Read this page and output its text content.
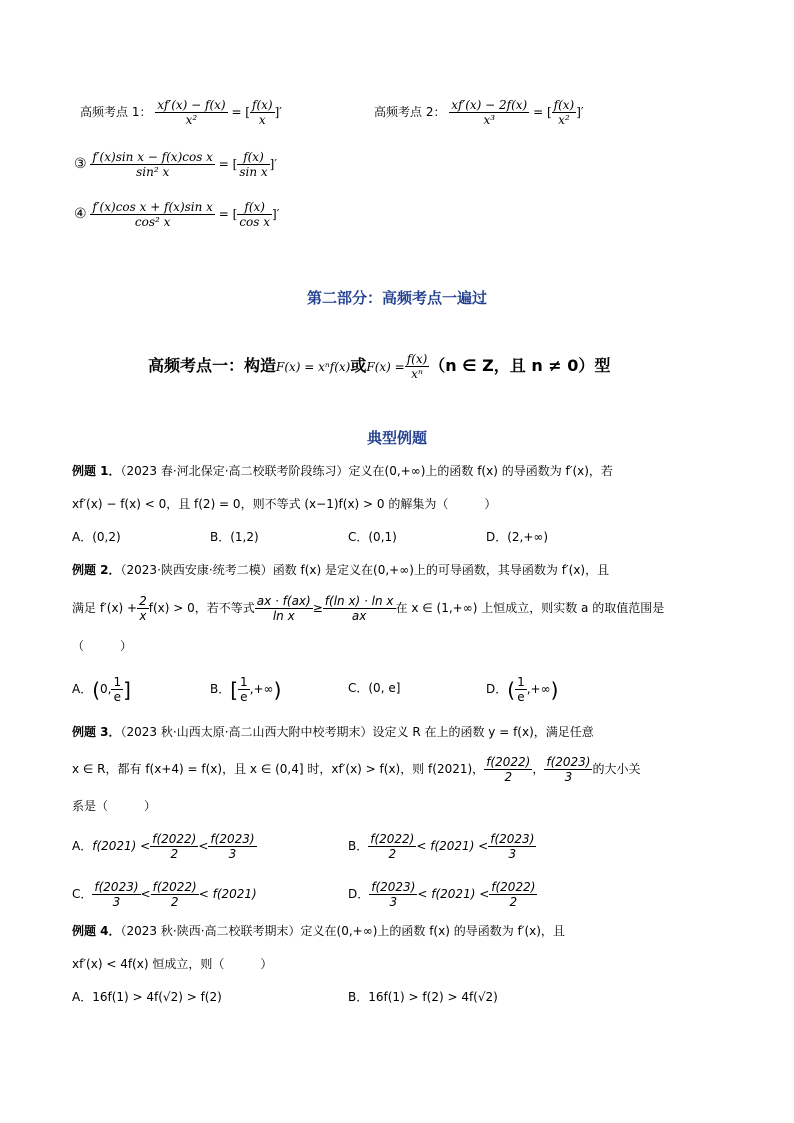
高频考点 1： $\frac{xf'(x) - f(x)}{\text{x²}}$ = [ $\frac{f(x)}{x}$ ]′	高频考点 2： $\frac{xf'(x) - 2f(x)}{\text{x³}}$ = [ $\frac{f(x)}{\text{x²}}$ ]′
③ $\frac{\text{f′(x)sin x − f(x)cos x}}{\text{sin² x}}$ = [ $\frac{f(x)}{\text{sin x}}$ ]′
④ $\frac{\text{f′(x)cos x + f(x)sin x}}{\text{cos² x}}$ = [ $\frac{f(x)}{\text{cos x}}$ ]′
第二部分：高频考点一遍过
高频考点一：构造F(x) = xⁿf(x)或$F(x) = \frac{f(x)}{\text{xⁿ}} (n$ ∈ Z，且 n ≠ 0）型
典型例题
例题 1．（2023 春·河北保定·高二校联考阶段练习）定义在(0,+∞)上的函数 f(x) 的导函数为 f′(x)，若
xf′(x) − f(x) < 0，且 f(2) = 0，则不等式 (x−1)f(x) > 0 的解集为（　　　）
A．(0,2)	B．(1,2)	C．(0,1)	D．(2,+∞)
例题 2．（2023·陕西安康·统考二模）函数 f(x) 是定义在(0,+∞)上的可导函数，其导函数为 f′(x)，且
满足 $f'(x) + \frac{2}{x} f(x) > 0$，若不等式 $\frac{ax \cdot f(ax)}{\text{ln x}} \ge \frac{\text{f(ln x) · ln x}}{ax}$ 在 x ∈ (1,+∞) 上恒成立，则实数 a 的取值范围是
（　　　）
A．(0, $\frac{1}{e}$ ]	B．[ $\frac{1}{e}$ ,+∞)	C．(0, e]	D．( $\frac{1}{e}$ ,+∞)
例题 3．（2023 秋·山西太原·高二山西大附中校考期末）设定义 R 在上的函数 y = f(x)，满足任意
x ∈ R，都有 f(x+4) = f(x)，且 x ∈ (0,4] 时，xf′(x) > f(x)，则 f(2021)， $\frac{f(2022)}{2}$ ， $\frac{f(2023)}{3}$ 的大小关
系是（　　　）
A．$f(2021) < \frac{f(2022)}{2} < \frac{f(2023)}{3}$	B． $\frac{f(2022)}{2} < f(2021) < \frac{f(2023)}{3}$
C． $\frac{f(2023)}{3} < \frac{f(2022)}{2} < f(2021)$	D． $\frac{f(2023)}{3} < f(2021) < \frac{f(2022)}{2}$
例题 4．（2023 秋·陕西·高二校联考期末）定义在(0,+∞)上的函数 f(x) 的导函数为 f′(x)，且
xf′(x) < 4f(x) 恒成立，则（　　　）
A．16f(1) > 4f(√2) > f(2)	B．16f(1) > f(2) > 4f(√2)
